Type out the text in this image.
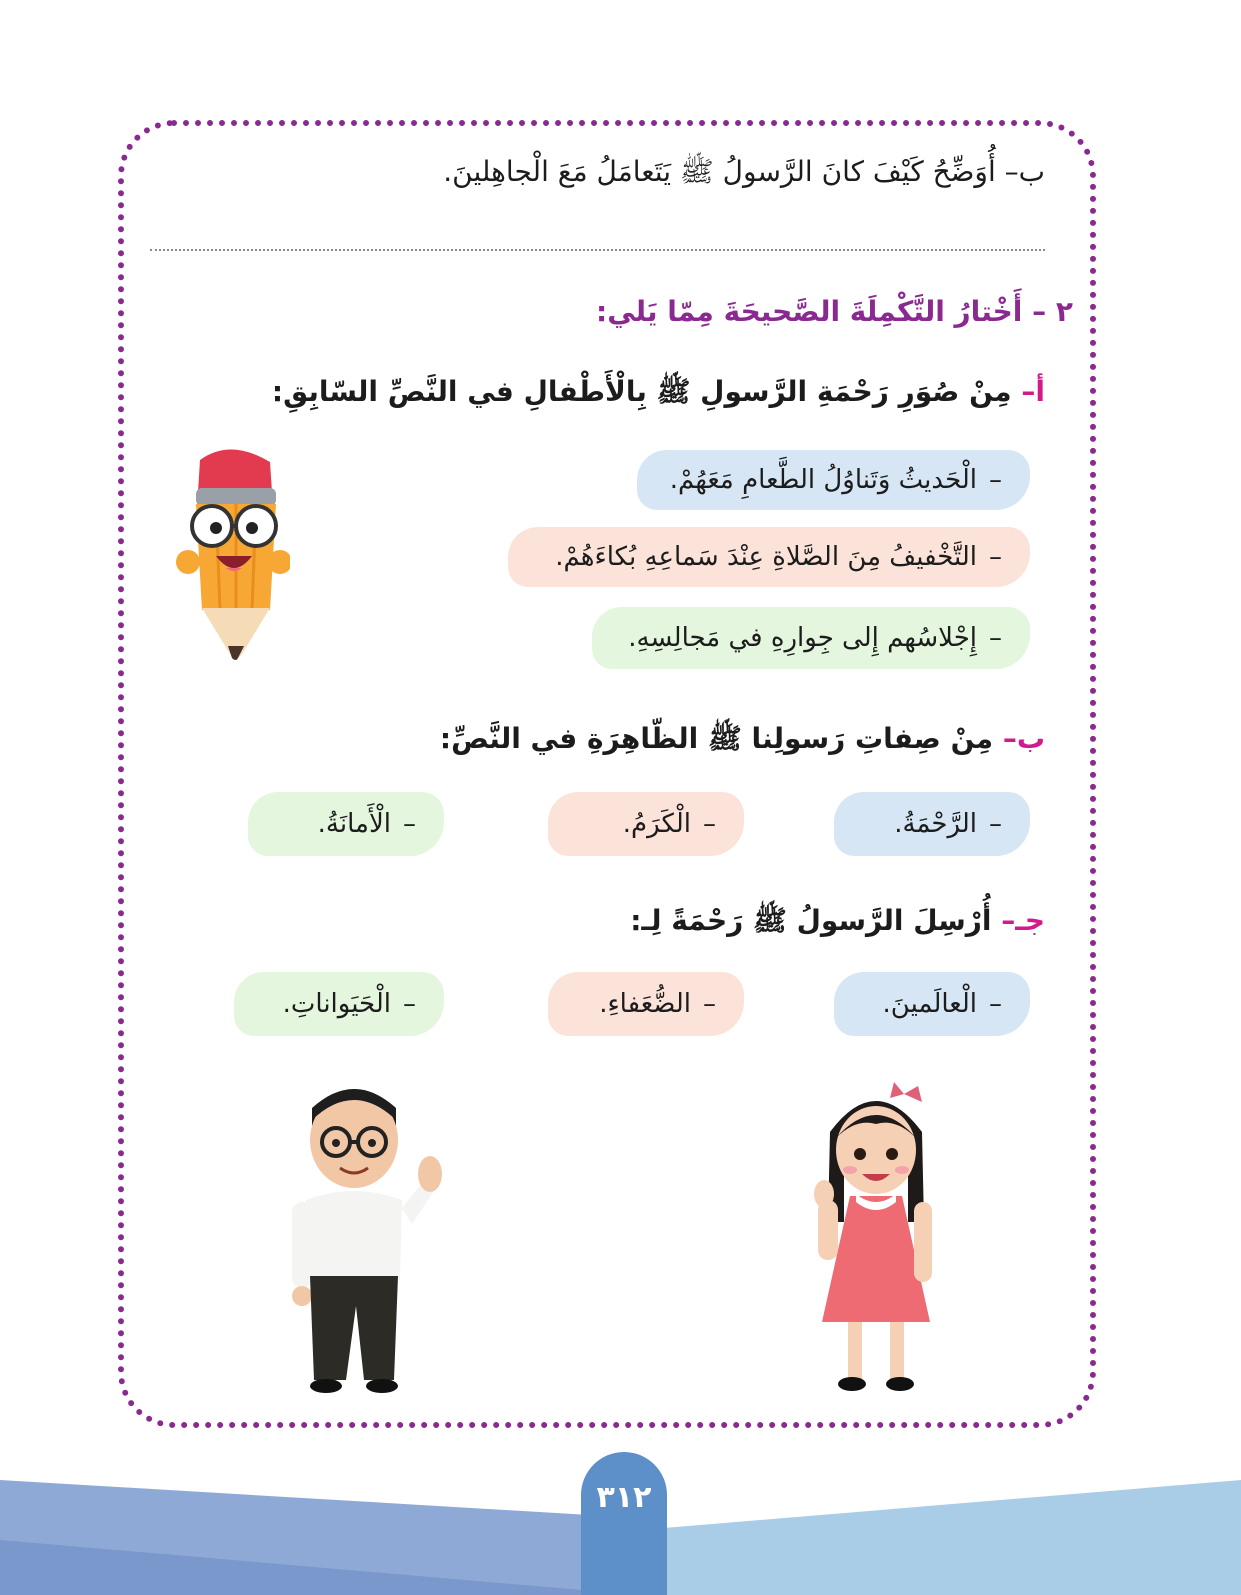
ب– أُوَضِّحُ كَيْفَ كانَ الرَّسولُ ﷺ يَتَعامَلُ مَعَ الْجاهِلينَ.
٢ – أَخْتارُ التَّكْمِلَةَ الصَّحيحَةَ مِمّا يَلي:
أ– مِنْ صُوَرِ رَحْمَةِ الرَّسولِ ﷺ بِالْأَطْفالِ في النَّصِّ السّابِقِ:
–
الْحَديثُ وَتَناوُلُ الطَّعامِ مَعَهُمْ.
–
التَّخْفيفُ مِنَ الصَّلاةِ عِنْدَ سَماعِهِ بُكاءَهُمْ.
–
إِجْلاسُهم إِلى جِوارِهِ في مَجالِسِهِ.
ب– مِنْ صِفاتِ رَسولِنا ﷺ الظّاهِرَةِ في النَّصِّ:
–
الرَّحْمَةُ.
–
الْكَرَمُ.
–
الْأَمانَةُ.
جـ– أُرْسِلَ الرَّسولُ ﷺ رَحْمَةً لِـ:
–
الْعالَمينَ.
–
الضُّعَفاءِ.
–
الْحَيَواناتِ.
٣١٢
